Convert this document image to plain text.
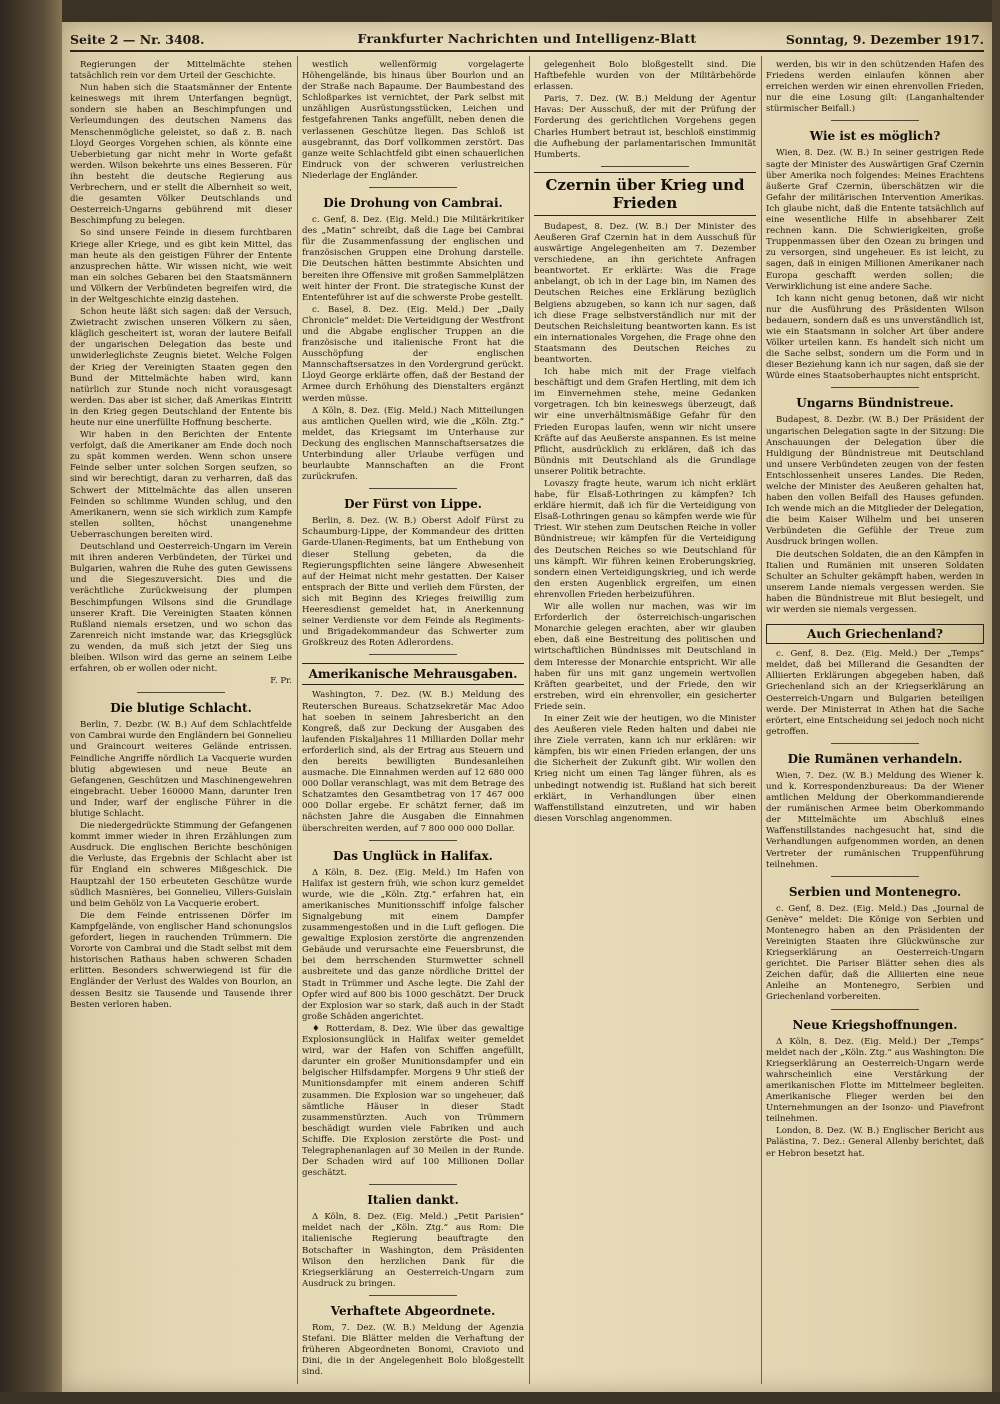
Seite 2 — Nr. 3408.	Frankfurter Nachrichten und Intelligenz-Blatt	Sonntag, 9. Dezember 1917.

Regierungen der Mittelmächte stehen tatsächlich rein vor dem Urteil der Geschichte.

Nun haben sich die Staatsmänner der Entente keineswegs mit ihrem Unterfangen begnügt, sondern sie haben an Beschimpfungen und Verleumdungen des deutschen Namens das Menschenmögliche geleistet, so daß z. B. nach Lloyd Georges Vorgehen schien, als könnte eine Ueberbietung gar nicht mehr in Worte gefaßt werden. Wilson bekehrte uns eines Besseren. Für ihn besteht die deutsche Regierung aus Verbrechern, und er stellt die Albernheit so weit, die gesamten Völker Deutschlands und Oesterreich-Ungarns gebührend mit dieser Beschimpfung zu belegen.

So sind unsere Feinde in diesem furchtbaren Kriege aller Kriege, und es gibt kein Mittel, das man heute als den geistigen Führer der Entente anzusprechen hätte. Wir wissen nicht, wie weit man ein solches Gebaren bei den Staatsmännern und Völkern der Verbündeten begreifen wird, die in der Weltgeschichte einzig dastehen.

Schon heute läßt sich sagen: daß der Versuch, Zwietracht zwischen unseren Völkern zu säen, kläglich gescheitert ist, woran der lautere Beifall der ungarischen Delegation das beste und unwiderleglichste Zeugnis bietet. Welche Folgen der Krieg der Vereinigten Staaten gegen den Bund der Mittelmächte haben wird, kann natürlich zur Stunde noch nicht vorausgesagt werden. Das aber ist sicher, daß Amerikas Eintritt in den Krieg gegen Deutschland der Entente bis heute nur eine unerfüllte Hoffnung bescherte.

Wir haben in den Berichten der Entente verfolgt, daß die Amerikaner am Ende doch noch zu spät kommen werden. Wenn schon unsere Feinde selber unter solchen Sorgen seufzen, so sind wir berechtigt, daran zu verharren, daß das Schwert der Mittelmächte das allen unseren Feinden so schlimme Wunden schlug, und den Amerikanern, wenn sie sich wirklich zum Kampfe stellen sollten, höchst unangenehme Ueberraschungen bereiten wird.

Deutschland und Oesterreich-Ungarn im Verein mit ihren anderen Verbündeten, der Türkei und Bulgarien, wahren die Ruhe des guten Gewissens und die Siegeszuversicht. Dies und die verächtliche Zurückweisung der plumpen Beschimpfungen Wilsons sind die Grundlage unserer Kraft. Die Vereinigten Staaten können Rußland niemals ersetzen, und wo schon das Zarenreich nicht imstande war, das Kriegsglück zu wenden, da muß sich jetzt der Sieg uns bleiben. Wilson wird das gerne an seinem Leibe erfahren, ob er wollen oder nicht.

F. Pr.
Die blutige Schlacht.

Berlin, 7. Dezbr. (W. B.) Auf dem Schlachtfelde von Cambrai wurde den Engländern bei Gonnelieu und Graincourt weiteres Gelände entrissen. Feindliche Angriffe nördlich La Vacquerie wurden blutig abgewiesen und neue Beute an Gefangenen, Geschützen und Maschinengewehren eingebracht. Ueber 160000 Mann, darunter Iren und Inder, warf der englische Führer in die blutige Schlacht.

Die niedergedrückte Stimmung der Gefangenen kommt immer wieder in ihren Erzählungen zum Ausdruck. Die englischen Berichte beschönigen die Verluste, das Ergebnis der Schlacht aber ist für England ein schweres Mißgeschick. Die Hauptzahl der 150 erbeuteten Geschütze wurde südlich Masnières, bei Gonnelieu, Villers-Guislain und beim Gehölz von La Vacquerie erobert.

Die dem Feinde entrissenen Dörfer im Kampfgelände, von englischer Hand schonungslos gefordert, liegen in rauchenden Trümmern. Die Vororte von Cambrai und die Stadt selbst mit dem historischen Rathaus haben schweren Schaden erlitten. Besonders schwerwiegend ist für die Engländer der Verlust des Waldes von Bourlon, an dessen Besitz sie Tausende und Tausende ihrer Besten verloren haben.

westlich wellenförmig vorgelagerte Höhengelände, bis hinaus über Bourlon und an der Straße nach Bapaume. Der Baumbestand des Schloßparkes ist vernichtet, der Park selbst mit unzähligen Ausrüstungsstücken, Leichen und festgefahrenen Tanks angefüllt, neben denen die verlassenen Geschütze liegen. Das Schloß ist ausgebrannt, das Dorf vollkommen zerstört. Das ganze weite Schlachtfeld gibt einen schauerlichen Eindruck von der schweren verlustreichen Niederlage der Engländer.

Die Drohung von Cambrai.

c. Genf, 8. Dez. (Eig. Meld.) Die Militärkritiker des „Matin“ schreibt, daß die Lage bei Cambrai für die Zusammenfassung der englischen und französischen Gruppen eine Drohung darstelle. Die Deutschen hätten bestimmte Absichten und bereiten ihre Offensive mit großen Sammelplätzen weit hinter der Front. Die strategische Kunst der Ententeführer ist auf die schwerste Probe gestellt.

c. Basel, 8. Dez. (Eig. Meld.) Der „Daily Chronicle“ meldet: Die Verteidigung der Westfront und die Abgabe englischer Truppen an die französische und italienische Front hat die Ausschöpfung der englischen Mannschaftsersatzes in den Vordergrund gerückt. Lloyd George erklärte offen, daß der Bestand der Armee durch Erhöhung des Dienstalters ergänzt werden müsse.

Δ Köln, 8. Dez. (Eig. Meld.) Nach Mitteilungen aus amtlichen Quellen wird, wie die „Köln. Ztg.“ meldet, das Kriegsamt im Unterhause zur Deckung des englischen Mannschaftsersatzes die Unterbindung aller Urlaube verfügen und beurlaubte Mannschaften an die Front zurückrufen.

Der Fürst von Lippe.

Berlin, 8. Dez. (W. B.) Oberst Adolf Fürst zu Schaumburg-Lippe, der Kommandeur des dritten Garde-Ulanen-Regiments, bat um Enthebung von dieser Stellung gebeten, da die Regierungspflichten seine längere Abwesenheit auf der Heimat nicht mehr gestatten. Der Kaiser entsprach der Bitte und verlieh dem Fürsten, der sich mit Beginn des Krieges freiwillig zum Heeresdienst gemeldet hat, in Anerkennung seiner Verdienste vor dem Feinde als Regiments- und Brigadekommandeur das Schwerter zum Großkreuz des Roten Adlerordens.

Amerikanische Mehrausgaben.

Washington, 7. Dez. (W. B.) Meldung des Reuterschen Bureaus. Schatzsekretär Mac Adoo hat soeben in seinem Jahresbericht an den Kongreß, daß zur Deckung der Ausgaben des laufenden Fiskaljahres 11 Milliarden Dollar mehr erforderlich sind, als der Ertrag aus Steuern und den bereits bewilligten Bundesanleihen ausmache. Die Einnahmen werden auf 12 680 000 000 Dollar veranschlagt, was mit dem Betrage des Schatzamtes den Gesamtbetrag von 17 467 000 000 Dollar ergebe. Er schätzt ferner, daß im nächsten Jahre die Ausgaben die Einnahmen überschreiten werden, auf 7 800 000 000 Dollar.

Das Unglück in Halifax.

Δ Köln, 8. Dez. (Eig. Meld.) Im Hafen von Halifax ist gestern früh, wie schon kurz gemeldet wurde, wie die „Köln. Ztg.“ erfahren hat, ein amerikanisches Munitionsschiff infolge falscher Signalgebung mit einem Dampfer zusammengestoßen und in die Luft geflogen. Die gewaltige Explosion zerstörte die angrenzenden Gebäude und verursachte eine Feuersbrunst, die bei dem herrschenden Sturmwetter schnell ausbreitete und das ganze nördliche Drittel der Stadt in Trümmer und Asche legte. Die Zahl der Opfer wird auf 800 bis 1000 geschätzt. Der Druck der Explosion war so stark, daß auch in der Stadt große Schäden angerichtet.

♦ Rotterdam, 8. Dez. Wie über das gewaltige Explosionsunglück in Halifax weiter gemeldet wird, war der Hafen von Schiffen angefüllt, darunter ein großer Munitionsdampfer und ein belgischer Hilfsdampfer. Morgens 9 Uhr stieß der Munitionsdampfer mit einem anderen Schiff zusammen. Die Explosion war so ungeheuer, daß sämtliche Häuser in dieser Stadt zusammenstürzten. Auch von Trümmern beschädigt wurden viele Fabriken und auch Schiffe. Die Explosion zerstörte die Post- und Telegraphenanlagen auf 30 Meilen in der Runde. Der Schaden wird auf 100 Millionen Dollar geschätzt.

Italien dankt.

Δ Köln, 8. Dez. (Eig. Meld.) „Petit Parisien“ meldet nach der „Köln. Ztg.“ aus Rom: Die italienische Regierung beauftragte den Botschafter in Washington, dem Präsidenten Wilson den herzlichen Dank für die Kriegserklärung an Oesterreich-Ungarn zum Ausdruck zu bringen.

Verhaftete Abgeordnete.

Rom, 7. Dez. (W. B.) Meldung der Agenzia Stefani. Die Blätter melden die Verhaftung der früheren Abgeordneten Bonomi, Cravioto und Dini, die in der Angelegenheit Bolo bloßgestellt sind.

gelegenheit Bolo bloßgestellt sind. Die Haftbefehle wurden von der Militärbehörde erlassen.

Paris, 7. Dez. (W. B.) Meldung der Agentur Havas: Der Ausschuß, der mit der Prüfung der Forderung des gerichtlichen Vorgehens gegen Charles Humbert betraut ist, beschloß einstimmig die Aufhebung der parlamentarischen Immunität Humberts.

Czernin über Krieg und Frieden

Budapest, 8. Dez. (W. B.) Der Minister des Aeußeren Graf Czernin hat in dem Ausschuß für auswärtige Angelegenheiten am 7. Dezember verschiedene, an ihn gerichtete Anfragen beantwortet. Er erklärte: Was die Frage anbelangt, ob ich in der Lage bin, im Namen des Deutschen Reiches eine Erklärung bezüglich Belgiens abzugeben, so kann ich nur sagen, daß ich diese Frage selbstverständlich nur mit der Deutschen Reichsleitung beantworten kann. Es ist ein internationales Vorgehen, die Frage ohne den Staatsmann des Deutschen Reiches zu beantworten.

Ich habe mich mit der Frage vielfach beschäftigt und dem Grafen Hertling, mit dem ich im Einvernehmen stehe, meine Gedanken vorgetragen. Ich bin keineswegs überzeugt, daß wir eine unverhältnismäßige Gefahr für den Frieden Europas laufen, wenn wir nicht unsere Kräfte auf das Aeußerste anspannen. Es ist meine Pflicht, ausdrücklich zu erklären, daß ich das Bündnis mit Deutschland als die Grundlage unserer Politik betrachte.

Lovaszy fragte heute, warum ich nicht erklärt habe, für Elsaß-Lothringen zu kämpfen? Ich erkläre hiermit, daß ich für die Verteidigung von Elsaß-Lothringen genau so kämpfen werde wie für Triest. Wir stehen zum Deutschen Reiche in voller Bündnistreue; wir kämpfen für die Verteidigung des Deutschen Reiches so wie Deutschland für uns kämpft. Wir führen keinen Eroberungskrieg, sondern einen Verteidigungskrieg, und ich werde den ersten Augenblick ergreifen, um einen ehrenvollen Frieden herbeizuführen.

Wir alle wollen nur machen, was wir im Erforderlich der österreichisch-ungarischen Monarchie gelegen erachten, aber wir glauben eben, daß eine Bestreitung des politischen und wirtschaftlichen Bündnisses mit Deutschland in dem Interesse der Monarchie entspricht. Wir alle haben für uns mit ganz ungemein wertvollen Kräften gearbeitet, und der Friede, den wir erstreben, wird ein ehrenvoller, ein gesicherter Friede sein.

In einer Zeit wie der heutigen, wo die Minister des Aeußeren viele Reden halten und dabei nie ihre Ziele verraten, kann ich nur erklären: wir kämpfen, bis wir einen Frieden erlangen, der uns die Sicherheit der Zukunft gibt. Wir wollen den Krieg nicht um einen Tag länger führen, als es unbedingt notwendig ist. Rußland hat sich bereit erklärt, in Verhandlungen über einen Waffenstillstand einzutreten, und wir haben diesen Vorschlag angenommen.

werden, bis wir in den schützenden Hafen des Friedens werden einlaufen können aber erreichen werden wir einen ehrenvollen Frieden, nur die eine Losung gilt: (Langanhaltender stürmischer Beifall.)

Wie ist es möglich?

Wien, 8. Dez. (W. B.) In seiner gestrigen Rede sagte der Minister des Auswärtigen Graf Czernin über Amerika noch folgendes: Meines Erachtens äußerte Graf Czernin, überschätzen wir die Gefahr der militärischen Intervention Amerikas. Ich glaube nicht, daß die Entente tatsächlich auf eine wesentliche Hilfe in absehbarer Zeit rechnen kann. Die Schwierigkeiten, große Truppenmassen über den Ozean zu bringen und zu versorgen, sind ungeheuer. Es ist leicht, zu sagen, daß in einigen Millionen Amerikaner nach Europa geschafft werden sollen; die Verwirklichung ist eine andere Sache.

Ich kann nicht genug betonen, daß wir nicht nur die Ausführung des Präsidenten Wilson bedauern, sondern daß es uns unverständlich ist, wie ein Staatsmann in solcher Art über andere Völker urteilen kann. Es handelt sich nicht um die Sache selbst, sondern um die Form und in dieser Beziehung kann ich nur sagen, daß sie der Würde eines Staatsoberhauptes nicht entspricht.

Ungarns Bündnistreue.

Budapest, 8. Dezbr. (W. B.) Der Präsident der ungarischen Delegation sagte in der Sitzung: Die Anschauungen der Delegation über die Huldigung der Bündnistreue mit Deutschland und unsere Verbündeten zeugen von der festen Entschlossenheit unseres Landes. Die Reden, welche der Minister des Aeußeren gehalten hat, haben den vollen Beifall des Hauses gefunden. Ich wende mich an die Mitglieder der Delegation, die beim Kaiser Wilhelm und bei unseren Verbündeten die Gefühle der Treue zum Ausdruck bringen wollen.

Die deutschen Soldaten, die an den Kämpfen in Italien und Rumänien mit unseren Soldaten Schulter an Schulter gekämpft haben, werden in unserem Lande niemals vergessen werden. Sie haben die Bündnistreue mit Blut besiegelt, und wir werden sie niemals vergessen.

Auch Griechenland?

c. Genf, 8. Dez. (Eig. Meld.) Der „Temps“ meldet, daß bei Millerand die Gesandten der Alliierten Erklärungen abgegeben haben, daß Griechenland sich an der Kriegserklärung an Oesterreich-Ungarn und Bulgarien beteiligen werde. Der Ministerrat in Athen hat die Sache erörtert, eine Entscheidung sei jedoch noch nicht getroffen.

Die Rumänen verhandeln.

Wien, 7. Dez. (W. B.) Meldung des Wiener k. und k. Korrespondenzbureaus: Da der Wiener amtlichen Meldung der Oberkommandierende der rumänischen Armee beim Oberkommando der Mittelmächte um Abschluß eines Waffenstillstandes nachgesucht hat, sind die Verhandlungen aufgenommen worden, an denen Vertreter der rumänischen Truppenführung teilnehmen.

Serbien und Montenegro.

c. Genf, 8. Dez. (Eig. Meld.) Das „Journal de Genève“ meldet: Die Könige von Serbien und Montenegro haben an den Präsidenten der Vereinigten Staaten ihre Glückwünsche zur Kriegserklärung an Oesterreich-Ungarn gerichtet. Die Pariser Blätter sehen dies als Zeichen dafür, daß die Alliierten eine neue Anleihe an Montenegro, Serbien und Griechenland vorbereiten.

Neue Kriegshoffnungen.

Δ Köln, 8. Dez. (Eig. Meld.) Der „Temps“ meldet nach der „Köln. Ztg.“ aus Washington: Die Kriegserklärung an Oesterreich-Ungarn werde wahrscheinlich eine Verstärkung der amerikanischen Flotte im Mittelmeer begleiten. Amerikanische Flieger werden bei den Unternehmungen an der Isonzo- und Piavefront teilnehmen.

London, 8. Dez. (W. B.) Englischer Bericht aus Palästina, 7. Dez.: General Allenby berichtet, daß er Hebron besetzt hat.
